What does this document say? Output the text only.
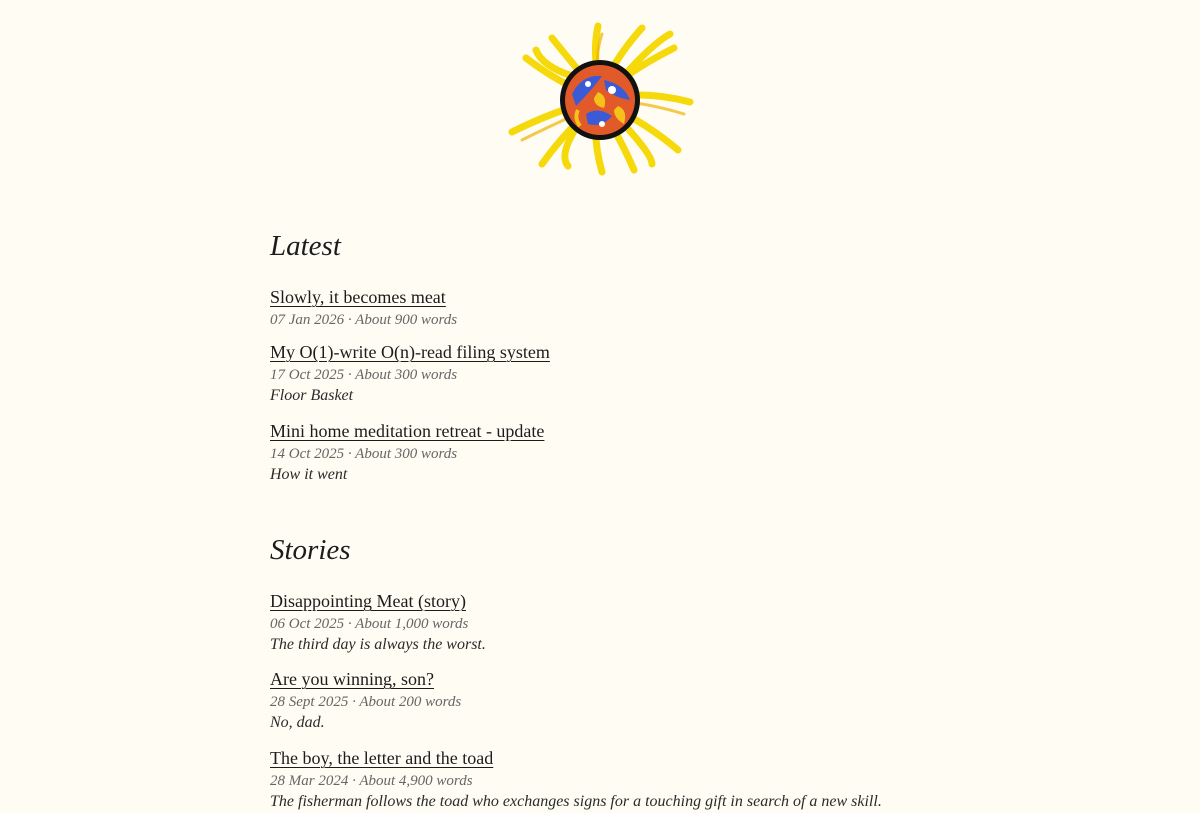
Latest
Slowly, it becomes meat
07 Jan 2026 · About 900 words
My O(1)-write O(n)-read filing system
17 Oct 2025 · About 300 words
Floor Basket
Mini home meditation retreat - update
14 Oct 2025 · About 300 words
How it went
Stories
Disappointing Meat (story)
06 Oct 2025 · About 1,000 words
The third day is always the worst.
Are you winning, son?
28 Sept 2025 · About 200 words
No, dad.
The boy, the letter and the toad
28 Mar 2024 · About 4,900 words
The fisherman follows the toad who exchanges signs for a touching gift in search of a new skill.
